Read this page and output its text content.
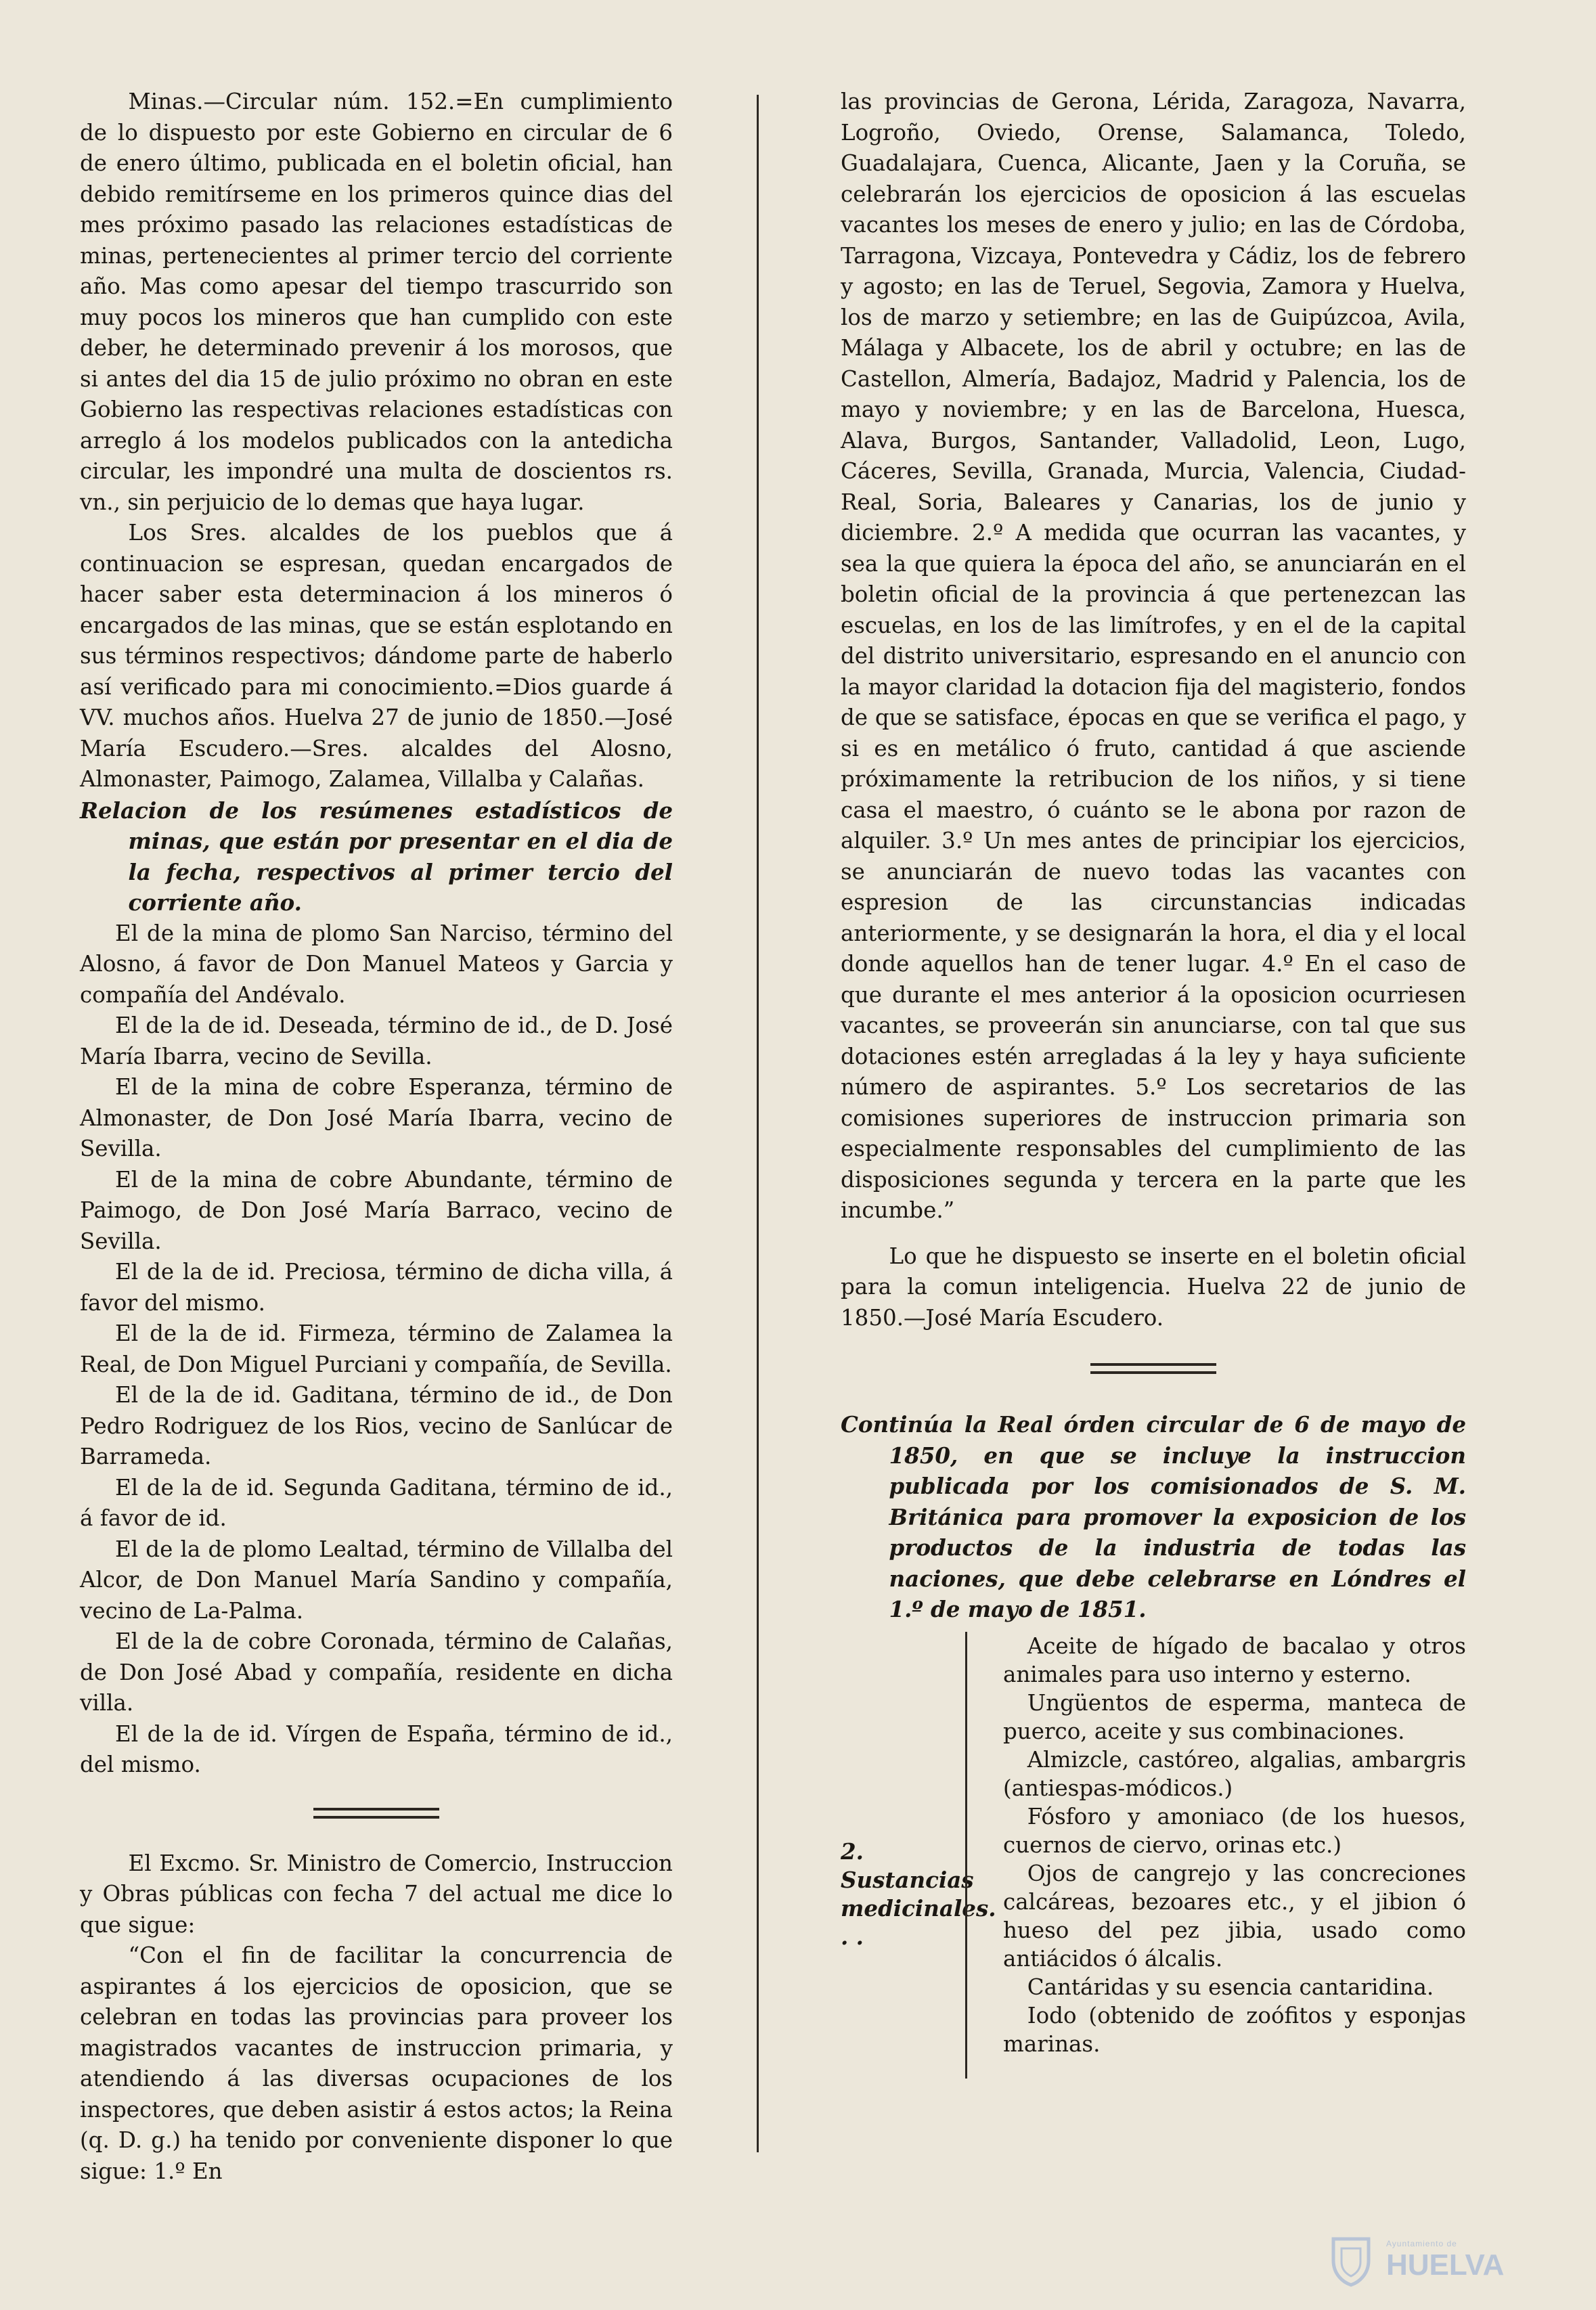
Minas.—Circular núm. 152.=En cumplimiento de lo dispuesto por este Gobierno en circular de 6 de enero último, publicada en el boletin oficial, han debido remitírseme en los primeros quince dias del mes próximo pasado las relaciones estadísticas de minas, pertenecientes al primer tercio del corriente año. Mas como apesar del tiempo trascurrido son muy pocos los mineros que han cumplido con este deber, he determinado prevenir á los morosos, que si antes del dia 15 de julio próximo no obran en este Gobierno las respectivas relaciones estadísticas con arreglo á los modelos publicados con la antedicha circular, les impondré una multa de doscientos rs. vn., sin perjuicio de lo demas que haya lugar.

Los Sres. alcaldes de los pueblos que á continuacion se espresan, quedan encargados de hacer saber esta determinacion á los mineros ó encargados de las minas, que se están esplotando en sus términos respectivos; dándome parte de haberlo así verificado para mi conocimiento.=Dios guarde á VV. muchos años. Huelva 27 de junio de 1850.—José María Escudero.—Sres. alcaldes del Alosno, Almonaster, Paimogo, Zalamea, Villalba y Calañas.

Relacion de los resúmenes estadísticos de minas, que están por presentar en el dia de la fecha, respectivos al primer tercio del corriente año.

El de la mina de plomo San Narciso, término del Alosno, á favor de Don Manuel Mateos y Garcia y compañía del Andévalo.

El de la de id. Deseada, término de id., de D. José María Ibarra, vecino de Sevilla.

El de la mina de cobre Esperanza, término de Almonaster, de Don José María Ibarra, vecino de Sevilla.

El de la mina de cobre Abundante, término de Paimogo, de Don José María Barraco, vecino de Sevilla.

El de la de id. Preciosa, término de dicha villa, á favor del mismo.

El de la de id. Firmeza, término de Zalamea la Real, de Don Miguel Purciani y compañía, de Sevilla.

El de la de id. Gaditana, término de id., de Don Pedro Rodriguez de los Rios, vecino de Sanlúcar de Barrameda.

El de la de id. Segunda Gaditana, término de id., á favor de id.

El de la de plomo Lealtad, término de Villalba del Alcor, de Don Manuel María Sandino y compañía, vecino de La-Palma.

El de la de cobre Coronada, término de Calañas, de Don José Abad y compañía, residente en dicha villa.

El de la de id. Vírgen de España, término de id., del mismo.

El Excmo. Sr. Ministro de Comercio, Instruccion y Obras públicas con fecha 7 del actual me dice lo que sigue:

“Con el fin de facilitar la concurrencia de aspirantes á los ejercicios de oposicion, que se celebran en todas las provincias para proveer los magistrados vacantes de instruccion primaria, y atendiendo á las diversas ocupaciones de los inspectores, que deben asistir á estos actos; la Reina (q. D. g.) ha tenido por conveniente disponer lo que sigue: 1.º En

las provincias de Gerona, Lérida, Zaragoza, Navarra, Logroño, Oviedo, Orense, Salamanca, Toledo, Guadalajara, Cuenca, Alicante, Jaen y la Coruña, se celebrarán los ejercicios de oposicion á las escuelas vacantes los meses de enero y julio; en las de Córdoba, Tarragona, Vizcaya, Pontevedra y Cádiz, los de febrero y agosto; en las de Teruel, Segovia, Zamora y Huelva, los de marzo y setiembre; en las de Guipúzcoa, Avila, Málaga y Albacete, los de abril y octubre; en las de Castellon, Almería, Badajoz, Madrid y Palencia, los de mayo y noviembre; y en las de Barcelona, Huesca, Alava, Burgos, Santander, Valladolid, Leon, Lugo, Cáceres, Sevilla, Granada, Murcia, Valencia, Ciudad-Real, Soria, Baleares y Canarias, los de junio y diciembre. 2.º A medida que ocurran las vacantes, y sea la que quiera la época del año, se anunciarán en el boletin oficial de la provincia á que pertenezcan las escuelas, en los de las limítrofes, y en el de la capital del distrito universitario, espresando en el anuncio con la mayor claridad la dotacion fija del magisterio, fondos de que se satisface, épocas en que se verifica el pago, y si es en metálico ó fruto, cantidad á que asciende próximamente la retribucion de los niños, y si tiene casa el maestro, ó cuánto se le abona por razon de alquiler. 3.º Un mes antes de principiar los ejercicios, se anunciarán de nuevo todas las vacantes con espresion de las circunstancias indicadas anteriormente, y se designarán la hora, el dia y el local donde aquellos han de tener lugar. 4.º En el caso de que durante el mes anterior á la oposicion ocurriesen vacantes, se proveerán sin anunciarse, con tal que sus dotaciones estén arregladas á la ley y haya suficiente número de aspirantes. 5.º Los secretarios de las comisiones superiores de instruccion primaria son especialmente responsables del cumplimiento de las disposiciones segunda y tercera en la parte que les incumbe.”

Lo que he dispuesto se inserte en el boletin oficial para la comun inteligencia. Huelva 22 de junio de 1850.—José María Escudero.

Continúa la Real órden circular de 6 de mayo de 1850, en que se incluye la instruccion publicada por los comisionados de S. M. Británica para promover la exposicion de los productos de la industria de todas las naciones, que debe celebrarse en Lóndres el 1.º de mayo de 1851.

2. Sustancias medicinales. . .

Aceite de hígado de bacalao y otros animales para uso interno y esterno.

Ungüentos de esperma, manteca de puerco, aceite y sus combinaciones.

Almizcle, castóreo, algalias, ambargris (antiespas-módicos.)

Fósforo y amoniaco (de los huesos, cuernos de ciervo, orinas etc.)

Ojos de cangrejo y las concreciones calcáreas, bezoares etc., y el jibion ó hueso del pez jibia, usado como antiácidos ó álcalis.

Cantáridas y su esencia cantaridina.

Iodo (obtenido de zoófitos y esponjas marinas.

Ayuntamiento de
HUELVA
